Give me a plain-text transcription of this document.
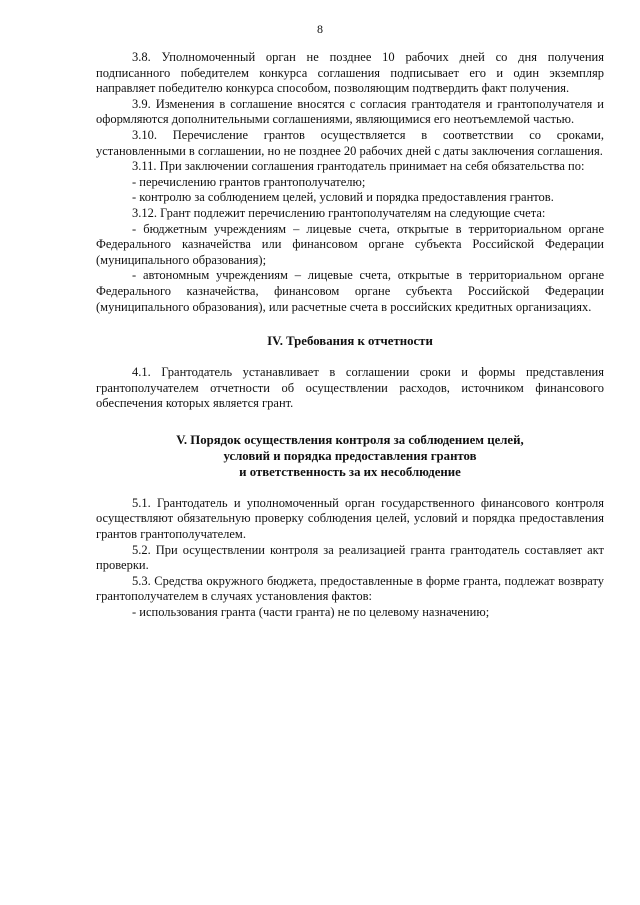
8

3.8. Уполномоченный орган не позднее 10 рабочих дней со дня получения подписанного победителем конкурса соглашения подписывает его и один экземпляр направляет победителю конкурса способом, позволяющим подтвердить факт получения.

3.9. Изменения в соглашение вносятся с согласия грантодателя и грантополучателя и оформляются дополнительными соглашениями, являющимися его неотъемлемой частью.

3.10. Перечисление грантов осуществляется в соответствии со сроками, установленными в соглашении, но не позднее 20 рабочих дней с даты заключения соглашения.

3.11. При заключении соглашения грантодатель принимает на себя обязательства по:

- перечислению грантов грантополучателю;

- контролю за соблюдением целей, условий и порядка предоставления грантов.

3.12. Грант подлежит перечислению грантополучателям на следующие счета:

- бюджетным учреждениям – лицевые счета, открытые в территориальном органе Федерального казначейства или финансовом органе субъекта Российской Федерации (муниципального образования);

- автономным учреждениям – лицевые счета, открытые в территориальном органе Федерального казначейства, финансовом органе субъекта Российской Федерации (муниципального образования), или расчетные счета в российских кредитных организациях.

IV. Требования к отчетности

4.1. Грантодатель устанавливает в соглашении сроки и формы представления грантополучателем отчетности об осуществлении расходов, источником финансового обеспечения которых является грант.

V. Порядок осуществления контроля за соблюдением целей,
условий и порядка предоставления грантов
и ответственность за их несоблюдение

5.1. Грантодатель и уполномоченный орган государственного финансового контроля осуществляют обязательную проверку соблюдения целей, условий и порядка предоставления грантов грантополучателем.

5.2. При осуществлении контроля за реализацией гранта грантодатель составляет акт проверки.

5.3. Средства окружного бюджета, предоставленные в форме гранта, подлежат возврату грантополучателем в случаях установления фактов:

- использования гранта (части гранта) не по целевому назначению;
